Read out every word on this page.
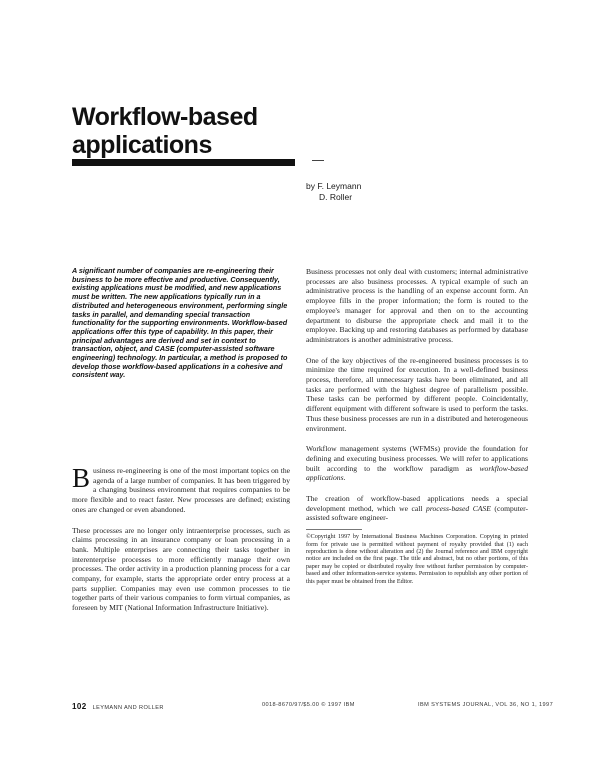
Workflow-based
applications
by F. Leymann
D. Roller

A significant number of companies are re-engineering their business to be more effective and productive. Consequently, existing applications must be modified, and new applications must be written. The new applications typically run in a distributed and heterogeneous environment, performing single tasks in parallel, and demanding special transaction functionality for the supporting environments. Workflow-based applications offer this type of capability. In this paper, their principal advantages are derived and set in context to transaction, object, and CASE (computer-assisted software engineering) technology. In particular, a method is proposed to develop those workflow-based applications in a cohesive and consistent way.

Business re-engineering is one of the most important topics on the agenda of a large number of companies. It has been triggered by a changing business environment that requires companies to be more flexible and to react faster. New processes are defined; existing ones are changed or even abandoned.

These processes are no longer only intraenterprise processes, such as claims processing in an insurance company or loan processing in a bank. Multiple enterprises are connecting their tasks together in interenterprise processes to more efficiently manage their own processes. The order activity in a production planning process for a car company, for example, starts the appropriate order entry process at a parts supplier. Companies may even use common processes to tie together parts of their various companies to form virtual companies, as foreseen by MIT (National Information Infrastructure Initiative).

Business processes not only deal with customers; internal administrative processes are also business processes. A typical example of such an administrative process is the handling of an expense account form. An employee fills in the proper information; the form is routed to the employee's manager for approval and then on to the accounting department to disburse the appropriate check and mail it to the employee. Backing up and restoring databases as performed by database administrators is another administrative process.

One of the key objectives of the re-engineered business processes is to minimize the time required for execution. In a well-defined business process, therefore, all unnecessary tasks have been eliminated, and all tasks are performed with the highest degree of parallelism possible. These tasks can be performed by different people. Coincidentally, different equipment with different software is used to perform the tasks. Thus these business processes are run in a distributed and heterogeneous environment.

Workflow management systems (WFMSs) provide the foundation for defining and executing business processes. We will refer to applications built according to the workflow paradigm as workflow-based applications.

The creation of workflow-based applications needs a special development method, which we call process-based CASE (computer-assisted software engineer-

©Copyright 1997 by International Business Machines Corporation. Copying in printed form for private use is permitted without payment of royalty provided that (1) each reproduction is done without alteration and (2) the Journal reference and IBM copyright notice are included on the first page. The title and abstract, but no other portions, of this paper may be copied or distributed royalty free without further permission by computer-based and other information-service systems. Permission to republish any other portion of this paper must be obtained from the Editor.
102 LEYMANN AND ROLLER	0018-8670/97/$5.00 © 1997 IBM	IBM SYSTEMS JOURNAL, VOL 36, NO 1, 1997
